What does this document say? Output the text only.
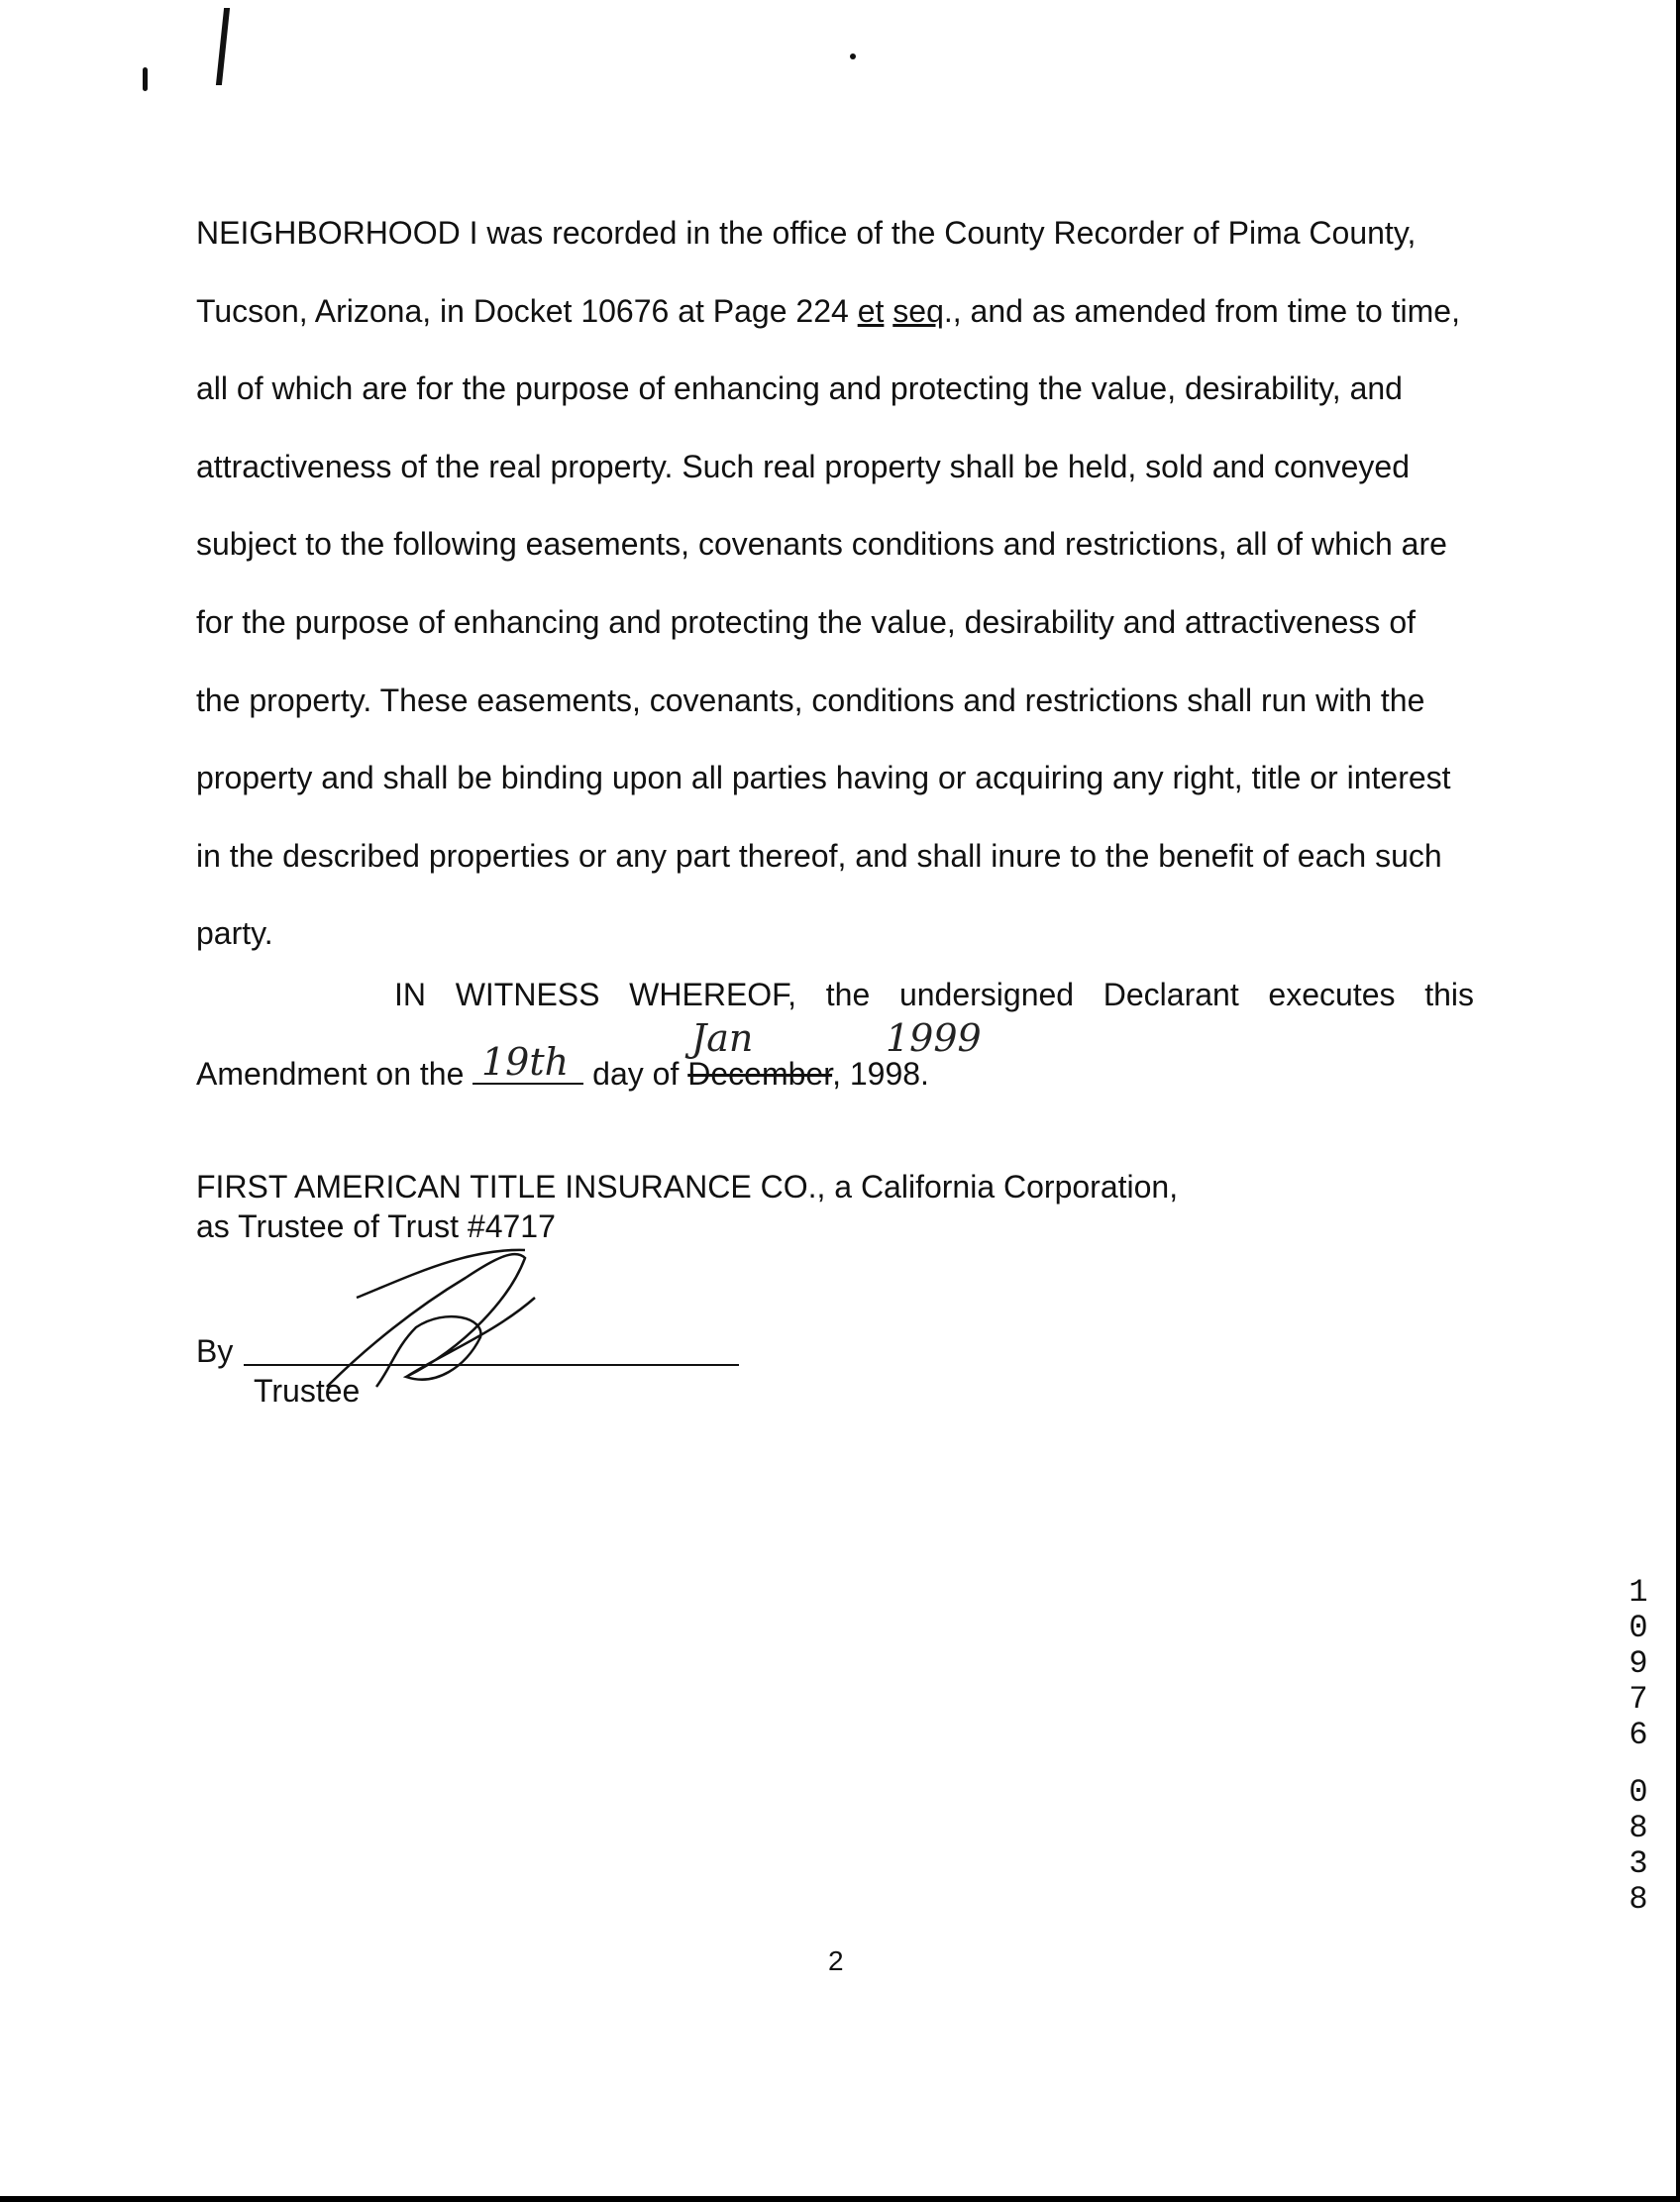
NEIGHBORHOOD I was recorded in the office of the County Recorder of Pima County,
Tucson, Arizona, in Docket 10676 at Page 224 et seq., and as amended from time to time,
all of which are for the purpose of enhancing and protecting the value, desirability, and
attractiveness of the real property. Such real property shall be held, sold and conveyed
subject to the following easements, covenants conditions and restrictions, all of which are
for the purpose of enhancing and protecting the value, desirability and attractiveness of
the property. These easements, covenants, conditions and restrictions shall run with the
property and shall be binding upon all parties having or acquiring any right, title or interest
in the described properties or any part thereof, and shall inure to the benefit of each such
party.

IN WITNESS WHEREOF, the undersigned Declarant executes this
Amendment on the	day of December, 1998.
19th
Jan	1999
FIRST AMERICAN TITLE INSURANCE CO., a California Corporation,
as Trustee of Trust #4717
By
Trustee
1
0
9
7
6
0
8
3
8
2
